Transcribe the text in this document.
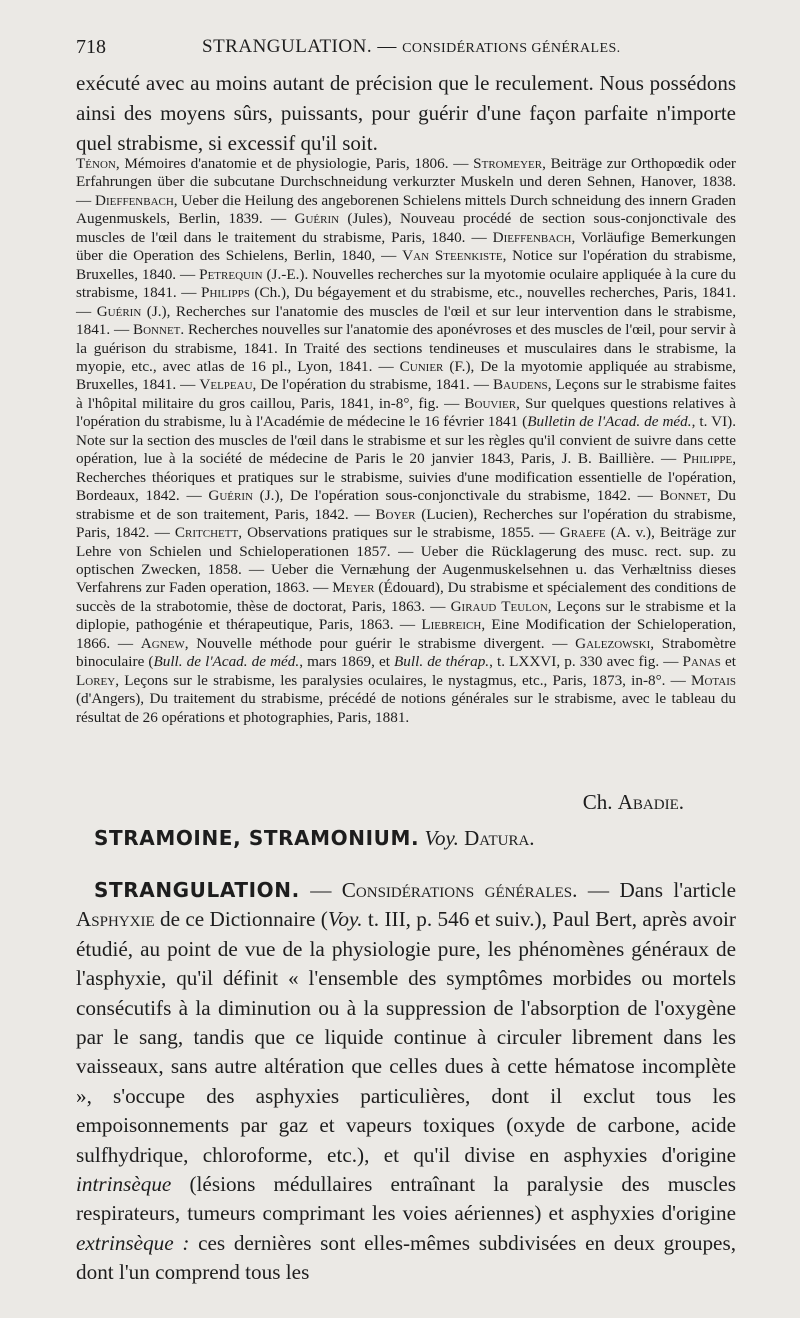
718	STRANGULATION. — CONSIDÉRATIONS GÉNÉRALES.

exécuté avec au moins autant de précision que le reculement. Nous possédons ainsi des moyens sûrs, puissants, pour guérir d'une façon parfaite n'importe quel strabisme, si excessif qu'il soit.

Ténon, Mémoires d'anatomie et de physiologie, Paris, 1806. — Stromeyer, Beiträge zur Orthopœdik oder Erfahrungen über die subcutane Durchschneidung verkurzter Muskeln und deren Sehnen, Hanover, 1838. — Dieffenbach, Ueber die Heilung des angeborenen Schielens mittels Durch schneidung des innern Graden Augenmuskels, Berlin, 1839. — Guérin (Jules), Nouveau procédé de section sous-conjonctivale des muscles de l'œil dans le traitement du strabisme, Paris, 1840. — Dieffenbach, Vorläufige Bemerkungen über die Operation des Schielens, Berlin, 1840, — Van Steenkiste, Notice sur l'opération du strabisme, Bruxelles, 1840. — Petrequin (J.-E.). Nouvelles recherches sur la myotomie oculaire appliquée à la cure du strabisme, 1841. — Philipps (Ch.), Du bégayement et du strabisme, etc., nouvelles recherches, Paris, 1841. — Guérin (J.), Recherches sur l'anatomie des muscles de l'œil et sur leur intervention dans le strabisme, 1841. — Bonnet. Recherches nouvelles sur l'anatomie des aponévroses et des muscles de l'œil, pour servir à la guérison du strabisme, 1841. In Traité des sections tendineuses et musculaires dans le strabisme, la myopie, etc., avec atlas de 16 pl., Lyon, 1841. — Cunier (F.), De la myotomie appliquée au strabisme, Bruxelles, 1841. — Velpeau, De l'opération du strabisme, 1841. — Baudens, Leçons sur le strabisme faites à l'hôpital militaire du gros caillou, Paris, 1841, in-8°, fig. — Bouvier, Sur quelques questions relatives à l'opération du strabisme, lu à l'Académie de médecine le 16 février 1841 (Bulletin de l'Acad. de méd., t. VI). Note sur la section des muscles de l'œil dans le strabisme et sur les règles qu'il convient de suivre dans cette opération, lue à la société de médecine de Paris le 20 janvier 1843, Paris, J. B. Baillière. — Philippe, Recherches théoriques et pratiques sur le strabisme, suivies d'une modification essentielle de l'opération, Bordeaux, 1842. — Guérin (J.), De l'opération sous-conjonctivale du strabisme, 1842. — Bonnet, Du strabisme et de son traitement, Paris, 1842. — Boyer (Lucien), Recherches sur l'opération du strabisme, Paris, 1842. — Critchett, Observations pratiques sur le strabisme, 1855. — Graefe (A. v.), Beiträge zur Lehre von Schielen und Schieloperationen 1857. — Ueber die Rücklagerung des musc. rect. sup. zu optischen Zwecken, 1858. — Ueber die Vernæhung der Augenmuskelsehnen u. das Verhæltniss dieses Verfahrens zur Faden operation, 1863. — Meyer (Édouard), Du strabisme et spécialement des conditions de succès de la strabotomie, thèse de doctorat, Paris, 1863. — Giraud Teulon, Leçons sur le strabisme et la diplopie, pathogénie et thérapeutique, Paris, 1863. — Liebreich, Eine Modification der Schieloperation, 1866. — Agnew, Nouvelle méthode pour guérir le strabisme divergent. — Galezowski, Strabomètre binoculaire (Bull. de l'Acad. de méd., mars 1869, et Bull. de thérap., t. LXXVI, p. 330 avec fig. — Panas et Lorey, Leçons sur le strabisme, les paralysies oculaires, le nystagmus, etc., Paris, 1873, in-8°. — Motais (d'Angers), Du traitement du strabisme, précédé de notions générales sur le strabisme, avec le tableau du résultat de 26 opérations et photographies, Paris, 1881.

Ch. Abadie.
STRAMOINE, STRAMONIUM. Voy. Datura.

STRANGULATION. — Considérations générales. — Dans l'article Asphyxie de ce Dictionnaire (Voy. t. III, p. 546 et suiv.), Paul Bert, après avoir étudié, au point de vue de la physiologie pure, les phénomènes généraux de l'asphyxie, qu'il définit « l'ensemble des symptômes morbides ou mortels consécutifs à la diminution ou à la suppression de l'absorption de l'oxygène par le sang, tandis que ce liquide continue à circuler librement dans les vaisseaux, sans autre altération que celles dues à cette hématose incomplète », s'occupe des asphyxies particulières, dont il exclut tous les empoisonnements par gaz et vapeurs toxiques (oxyde de carbone, acide sulfhydrique, chloroforme, etc.), et qu'il divise en asphyxies d'origine intrinsèque (lésions médullaires entraînant la paralysie des muscles respirateurs, tumeurs comprimant les voies aériennes) et asphyxies d'origine extrinsèque : ces dernières sont elles-mêmes subdivisées en deux groupes, dont l'un comprend tous les
